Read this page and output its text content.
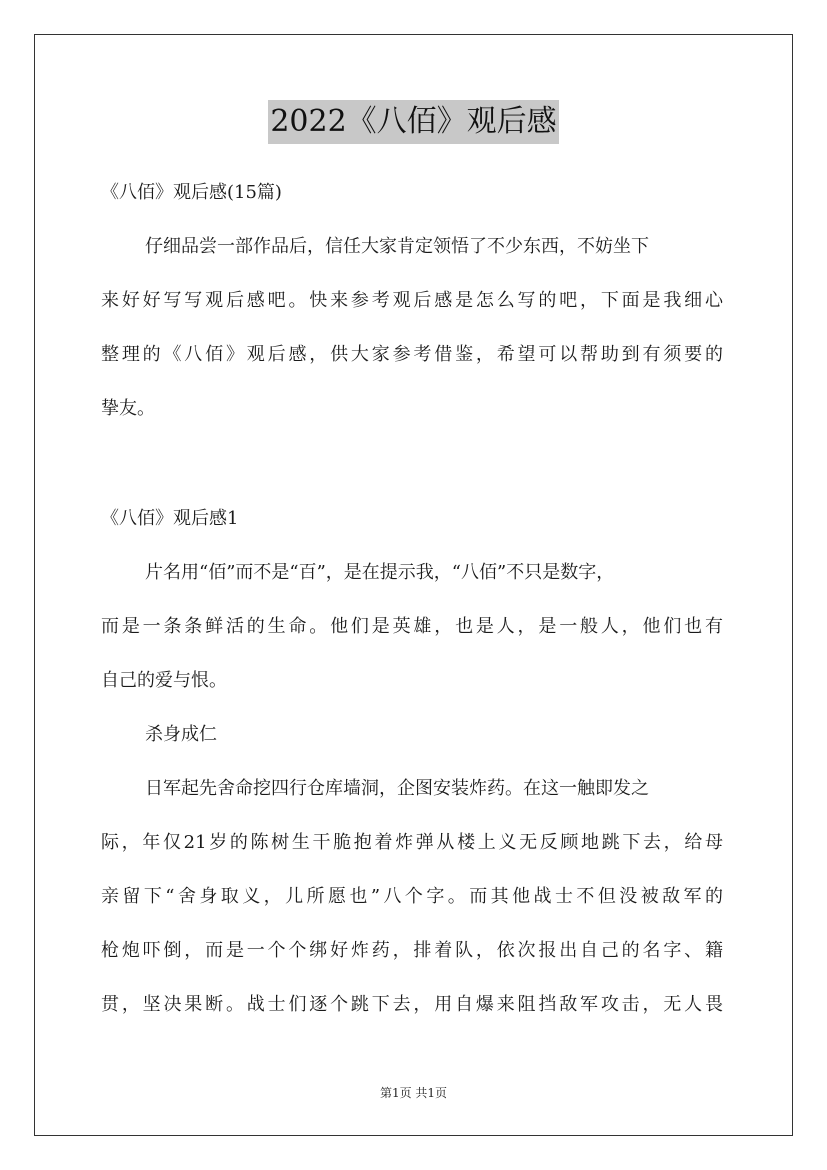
2022《八佰》观后感
《八佰》观后感(15篇)
仔细品尝一部作品后，信任大家肯定领悟了不少东西，不妨坐下
来好好写写观后感吧。快来参考观后感是怎么写的吧，下面是我细心
整理的《八佰》观后感，供大家参考借鉴，希望可以帮助到有须要的
挚友。
《八佰》观后感1
片名用“佰”而不是“百”，是在提示我，“八佰”不只是数字，
而是一条条鲜活的生命。他们是英雄，也是人，是一般人，他们也有
自己的爱与恨。
杀身成仁
日军起先舍命挖四行仓库墙洞，企图安装炸药。在这一触即发之
际，年仅21岁的陈树生干脆抱着炸弹从楼上义无反顾地跳下去，给母
亲留下“舍身取义，儿所愿也”八个字。而其他战士不但没被敌军的
枪炮吓倒，而是一个个绑好炸药，排着队，依次报出自己的名字、籍
贯，坚决果断。战士们逐个跳下去，用自爆来阻挡敌军攻击，无人畏
第1页 共1页
